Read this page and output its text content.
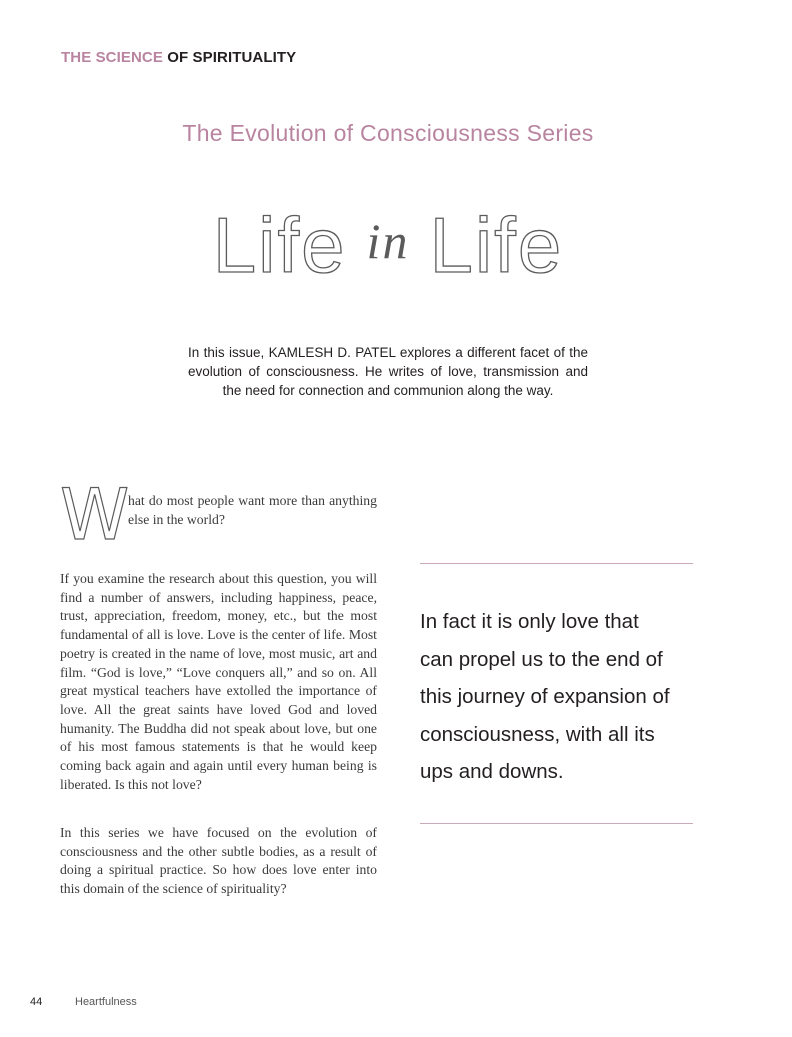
THE SCIENCE OF SPIRITUALITY
The Evolution of Consciousness Series
Life in Life
In this issue, KAMLESH D. PATEL explores a different facet of the evolution of consciousness. He writes of love, transmission and the need for connection and communion along the way.
W
hat do most people want more than anything else in the world?
If you examine the research about this question, you will find a number of answers, including happiness, peace, trust, appreciation, freedom, money, etc., but the most fundamental of all is love. Love is the center of life. Most poetry is created in the name of love, most music, art and film. “God is love,” “Love conquers all,” and so on. All great mystical teachers have extolled the importance of love. All the great saints have loved God and loved humanity. The Buddha did not speak about love, but one of his most famous statements is that he would keep coming back again and again until every human being is liberated. Is this not love?
In this series we have focused on the evolution of consciousness and the other subtle bodies, as a result of doing a spiritual practice. So how does love enter into this domain of the science of spirituality?
In fact it is only love that
can propel us to the end of
this journey of expansion of
consciousness, with all its
ups and downs.
44	Heartfulness
